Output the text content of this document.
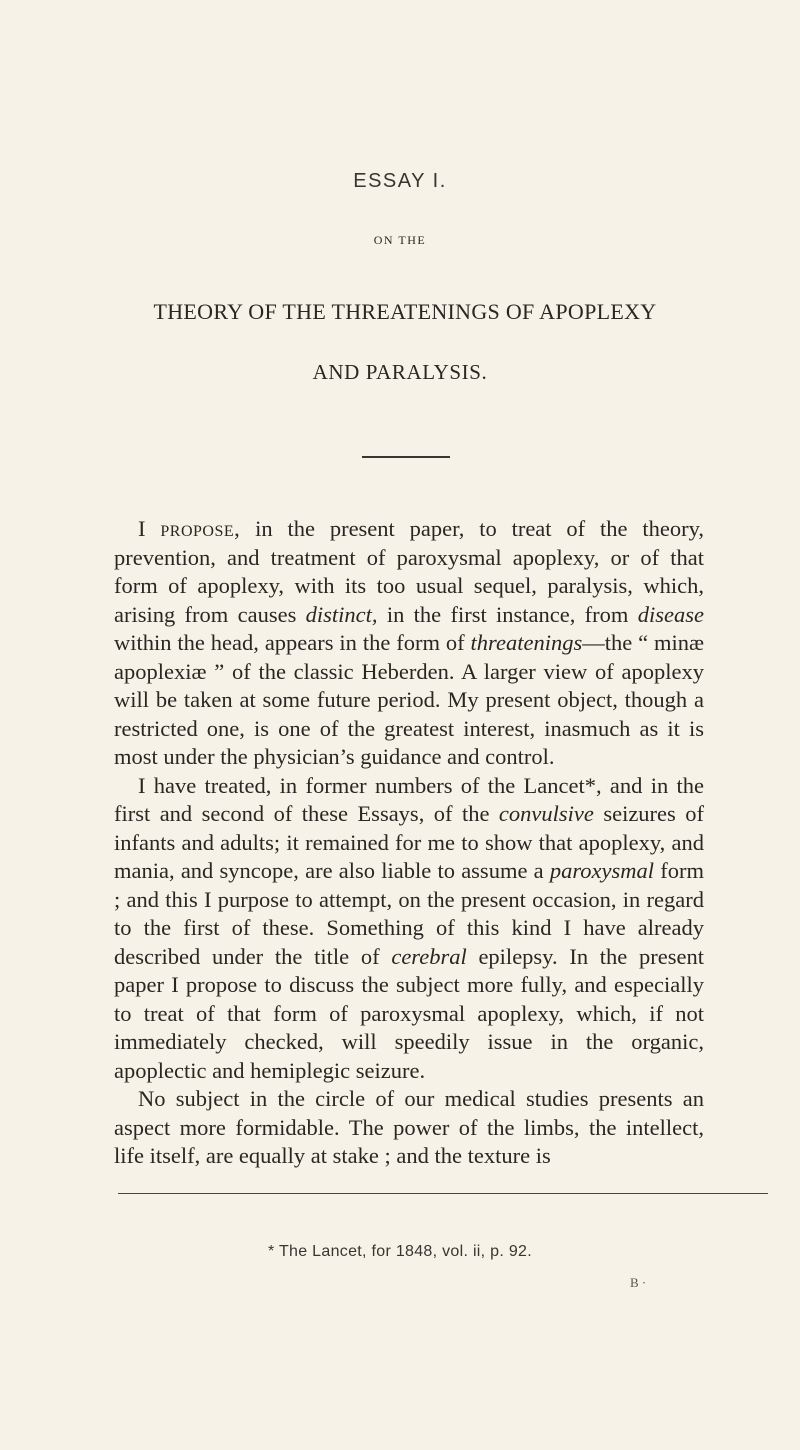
ESSAY I.
ON THE
THEORY OF THE THREATENINGS OF APOPLEXY
AND PARALYSIS.

I propose, in the present paper, to treat of the theory, prevention, and treatment of paroxysmal apoplexy, or of that form of apoplexy, with its too usual sequel, paralysis, which, arising from causes distinct, in the first instance, from disease within the head, appears in the form of threatenings—the “ minæ apoplexiæ ” of the classic Heberden. A larger view of apoplexy will be taken at some future period. My present object, though a restricted one, is one of the greatest interest, inasmuch as it is most under the physician’s guidance and control.

I have treated, in former numbers of the Lancet*, and in the first and second of these Essays, of the convulsive seizures of infants and adults; it remained for me to show that apoplexy, and mania, and syncope, are also liable to assume a paroxysmal form ; and this I purpose to attempt, on the present occasion, in regard to the first of these. Something of this kind I have already described under the title of cerebral epilepsy. In the present paper I propose to discuss the subject more fully, and especially to treat of that form of paroxysmal apoplexy, which, if not immediately checked, will speedily issue in the organic, apoplectic and hemiplegic seizure.

No subject in the circle of our medical studies presents an aspect more formidable. The power of the limbs, the intellect, life itself, are equally at stake ; and the texture is

* The Lancet, for 1848, vol. ii, p. 92.
B ·
